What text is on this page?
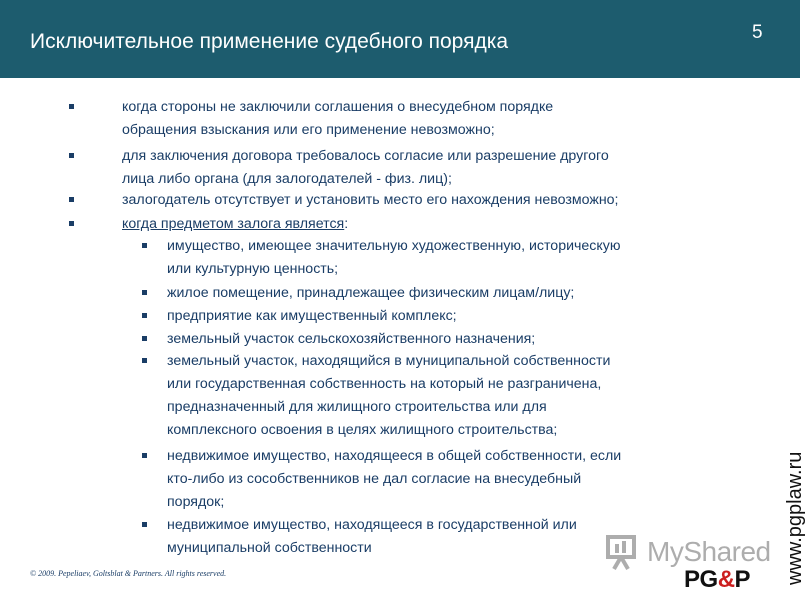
Исключительное применение судебного порядка	5
когда стороны не заключили соглашения о внесудебном порядке
обращения взыскания или его применение невозможно;
для заключения договора требовалось согласие или разрешение другого
лица либо органа (для залогодателей - физ. лиц);
залогодатель отсутствует и установить место его нахождения невозможно;
когда предметом залога является:
имущество, имеющее значительную художественную, историческую
или культурную ценность;
жилое помещение, принадлежащее физическим лицам/лицу;
предприятие как имущественный комплекс;
земельный участок сельскохозяйственного назначения;
земельный участок, находящийся в муниципальной собственности
или государственная собственность на который не разграничена,
предназначенный для жилищного строительства или для
комплексного освоения в целях жилищного строительства;
недвижимое имущество, находящееся в общей собственности, если
кто-либо из сособственников не дал согласие на внесудебный
порядок;
недвижимое имущество, находящееся в государственной или
муниципальной собственности
© 2009. Pepeliaev, Goltsblat & Partners. All rights reserved.
MyShared
PG&P www.pgplaw.ru
